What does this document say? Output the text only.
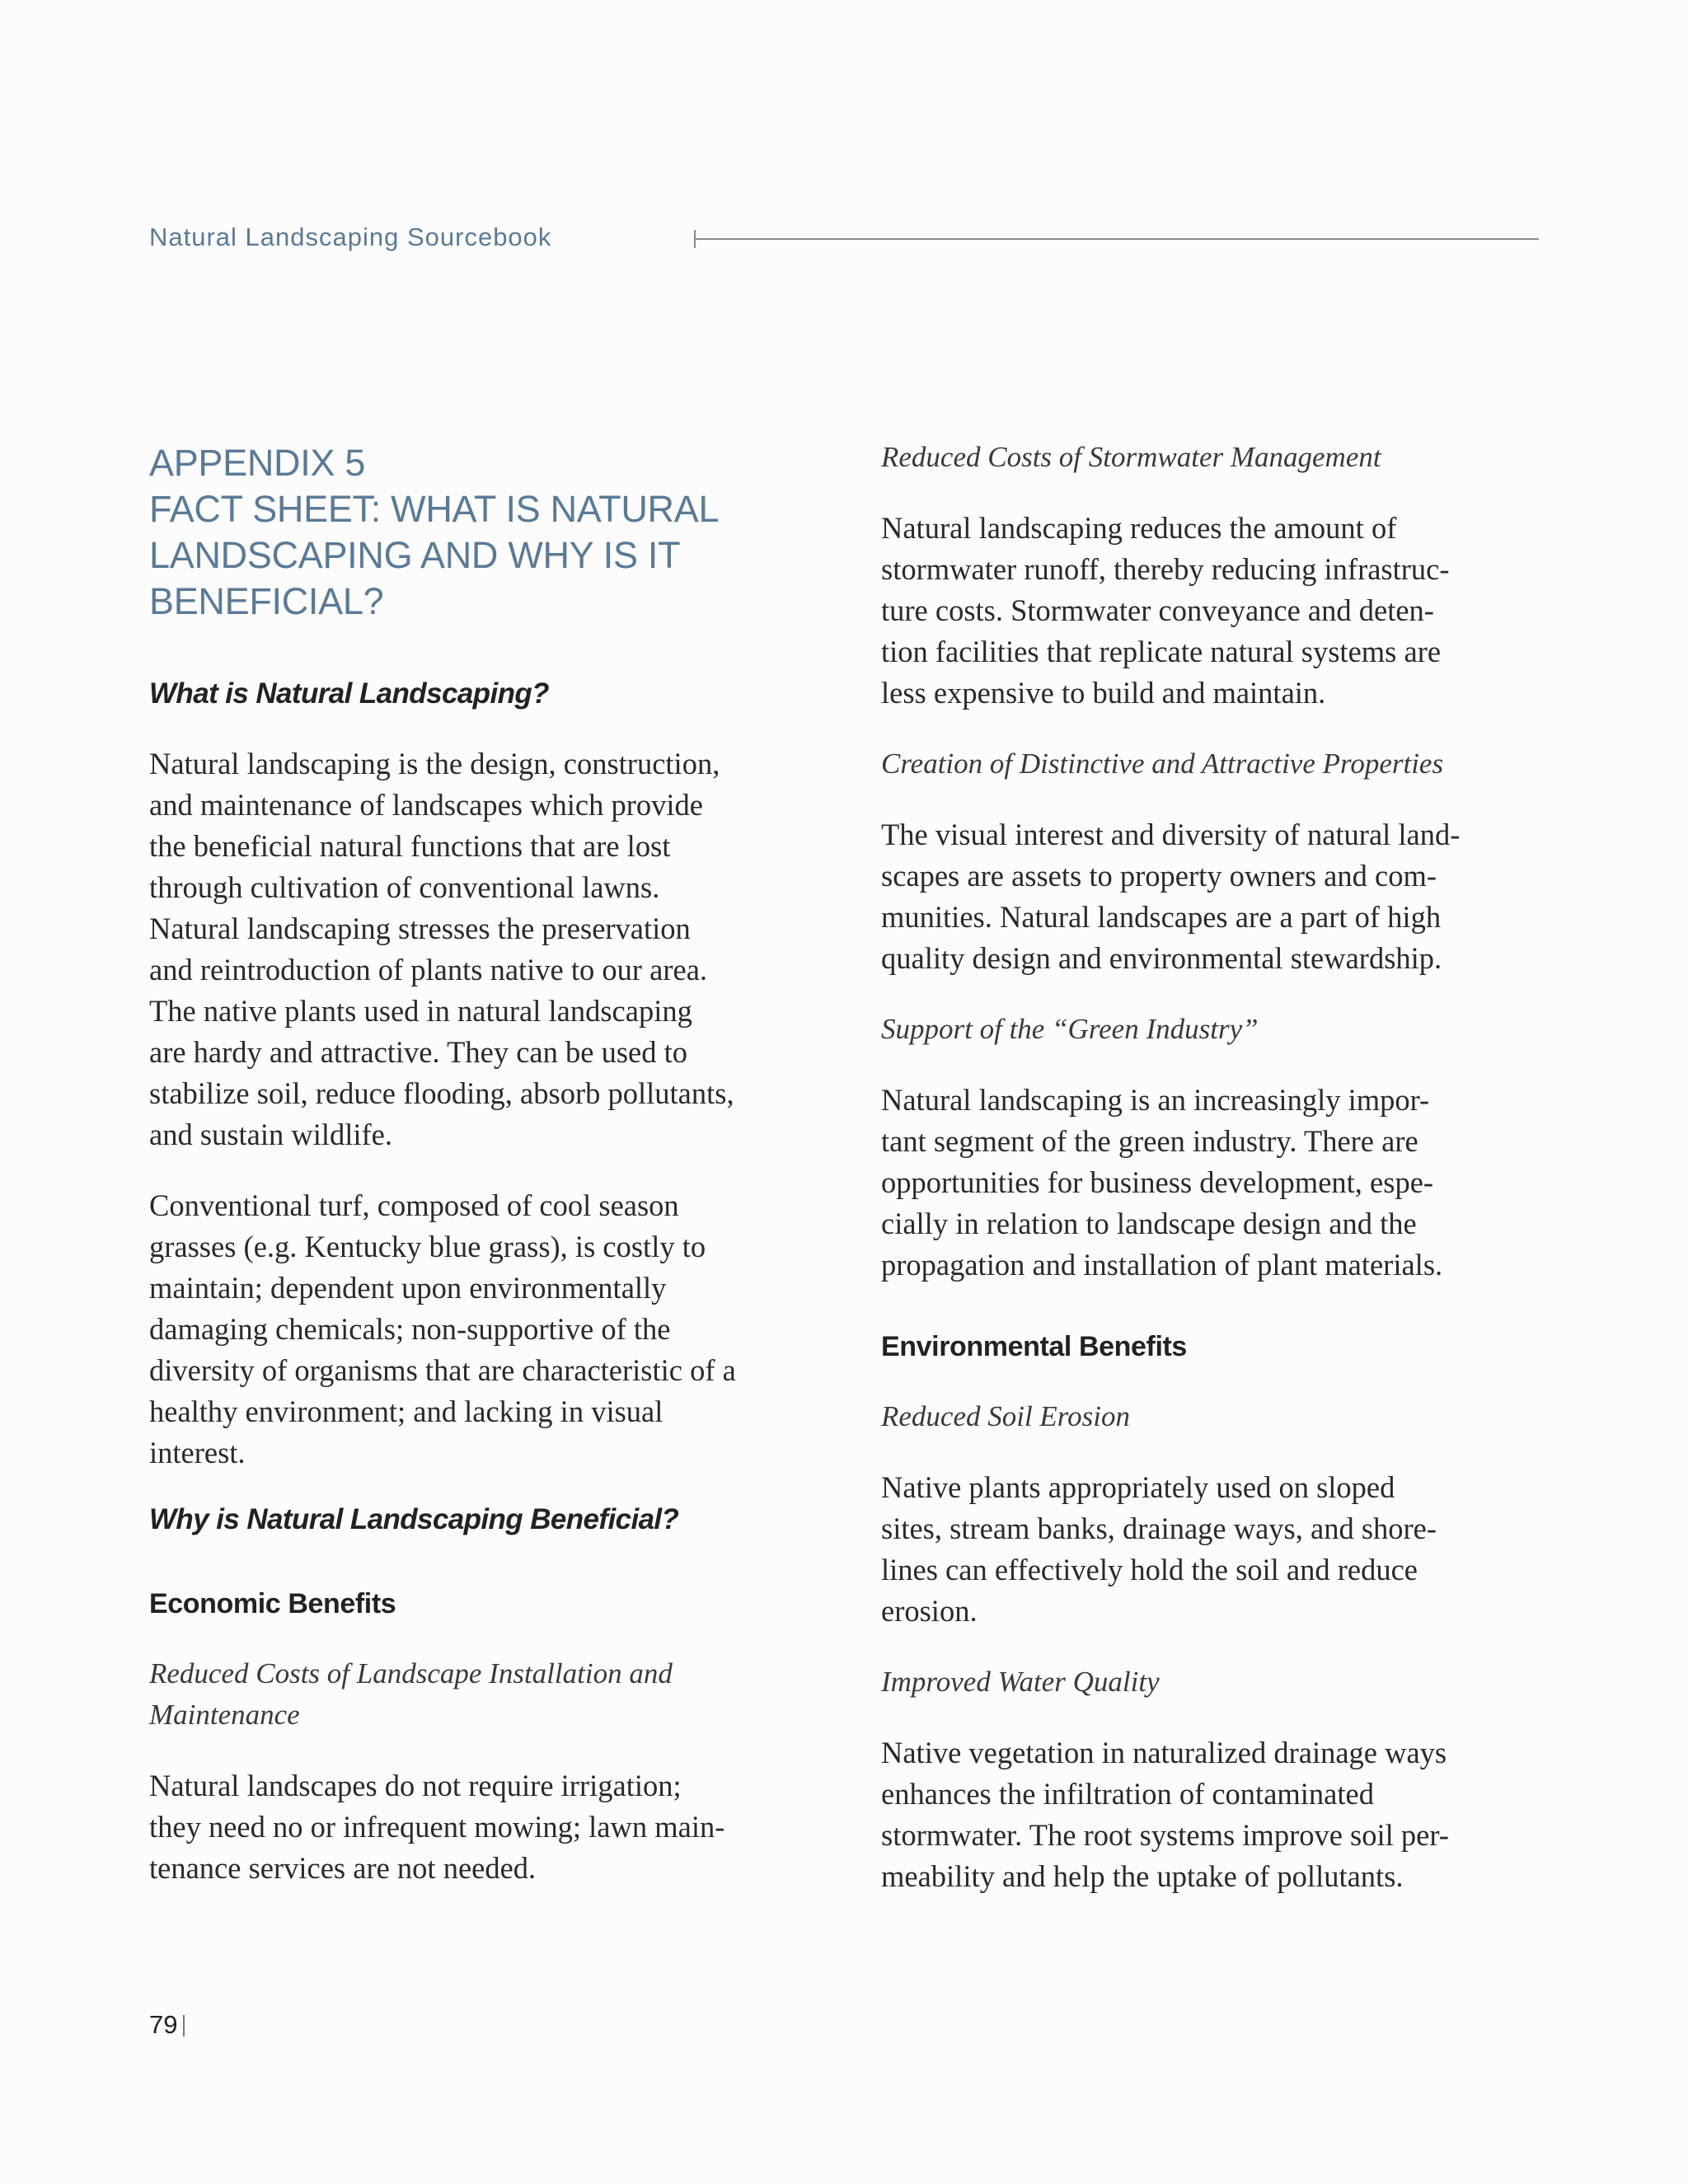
Natural Landscaping Sourcebook
APPENDIX 5
FACT SHEET: WHAT IS NATURAL
LANDSCAPING AND WHY IS IT
BENEFICIAL?
What is Natural Landscaping?

Natural landscaping is the design, construction,
and maintenance of landscapes which provide
the beneficial natural functions that are lost
through cultivation of conventional lawns.
Natural landscaping stresses the preservation
and reintroduction of plants native to our area.
The native plants used in natural landscaping
are hardy and attractive. They can be used to
stabilize soil, reduce flooding, absorb pollutants,
and sustain wildlife.

Conventional turf, composed of cool season
grasses (e.g. Kentucky blue grass), is costly to
maintain; dependent upon environmentally
damaging chemicals; non-supportive of the
diversity of organisms that are characteristic of a
healthy environment; and lacking in visual
interest.

Why is Natural Landscaping Beneficial?
Economic Benefits

Reduced Costs of Landscape Installation and
Maintenance

Natural landscapes do not require irrigation;
they need no or infrequent mowing; lawn main-
tenance services are not needed.

Reduced Costs of Stormwater Management

Natural landscaping reduces the amount of
stormwater runoff, thereby reducing infrastruc-
ture costs. Stormwater conveyance and deten-
tion facilities that replicate natural systems are
less expensive to build and maintain.

Creation of Distinctive and Attractive Properties

The visual interest and diversity of natural land-
scapes are assets to property owners and com-
munities. Natural landscapes are a part of high
quality design and environmental stewardship.

Support of the “Green Industry”

Natural landscaping is an increasingly impor-
tant segment of the green industry. There are
opportunities for business development, espe-
cially in relation to landscape design and the
propagation and installation of plant materials.

Environmental Benefits

Reduced Soil Erosion

Native plants appropriately used on sloped
sites, stream banks, drainage ways, and shore-
lines can effectively hold the soil and reduce
erosion.

Improved Water Quality

Native vegetation in naturalized drainage ways
enhances the infiltration of contaminated
stormwater. The root systems improve soil per-
meability and help the uptake of pollutants.

79
